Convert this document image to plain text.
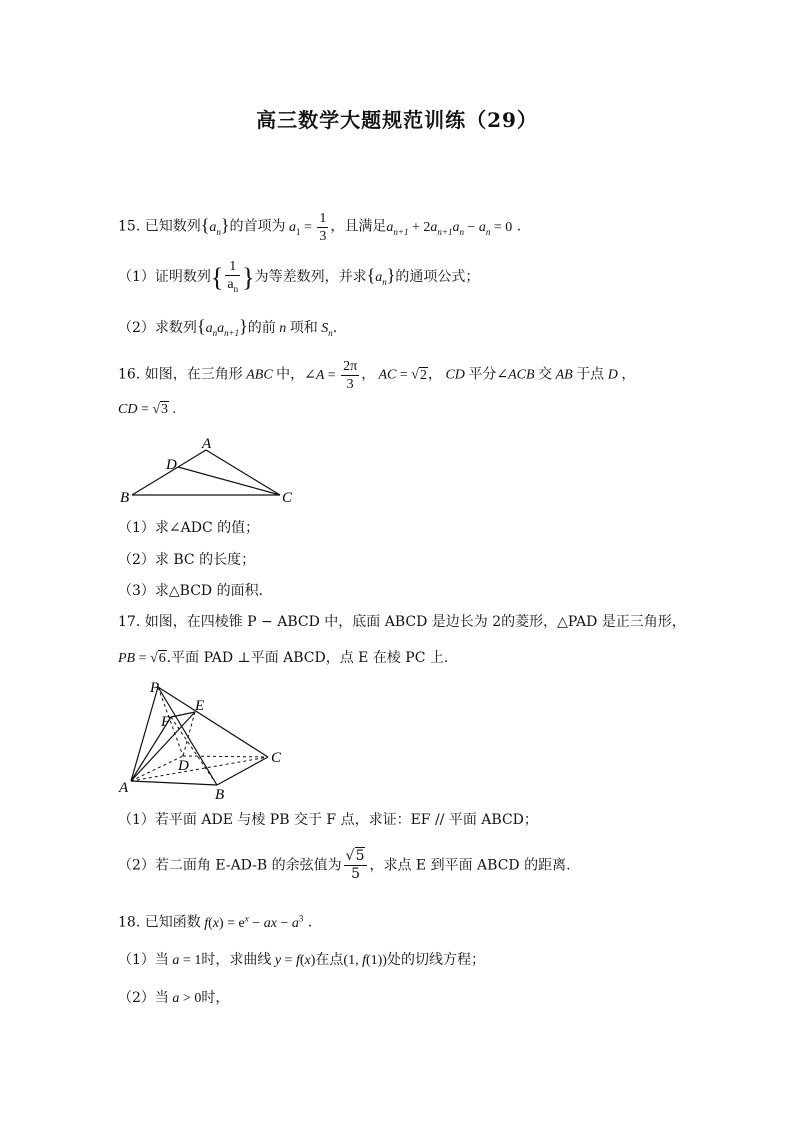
高三数学大题规范训练（29）
15. 已知数列$\{a_n\}$的首项为 $a_1 = \frac{1}{3}$ ，且满足$a_{n+1} + 2a_{n+1}a_n - a_n = 0$ .
（1）证明数列{ $\frac{1}{a_n}$ }为等差数列，并求$\{a_n\}$的通项公式；
（2）求数列$\{a_na_{n+1}\}$的前 n 项和 $S_n$.
16. 如图，在三角形 ABC 中，∠A = $\frac{2\pi}{3}$ ， AC = √2， CD 平分∠ACB 交 AB 于点 D ，
CD = √3 .
A
D
B	C
（1）求∠ADC 的值；
（2）求 BC 的长度；
（3）求△BCD 的面积．
17. 如图，在四棱锥 P − ABCD 中，底面 ABCD 是边长为 2的菱形，△PAD 是正三角形，
PB = √6.平面 PAD ⊥平面 ABCD，点 E 在棱 PC 上.
P
E
F
D	C
A	B
（1）若平面 ADE 与棱 PB 交于 F 点，求证：EF // 平面 ABCD；
（2）若二面角 E-AD-B 的余弦值为 $\frac{√5}{5}$ ，求点 E 到平面 ABCD 的距离.
18. 已知函数 $f(x) = e^x$ − ax − $a^3$ .
（1）当 a = 1时，求曲线 y = f(x)在点(1, f(1))处的切线方程；
（2）当 a > 0时，
